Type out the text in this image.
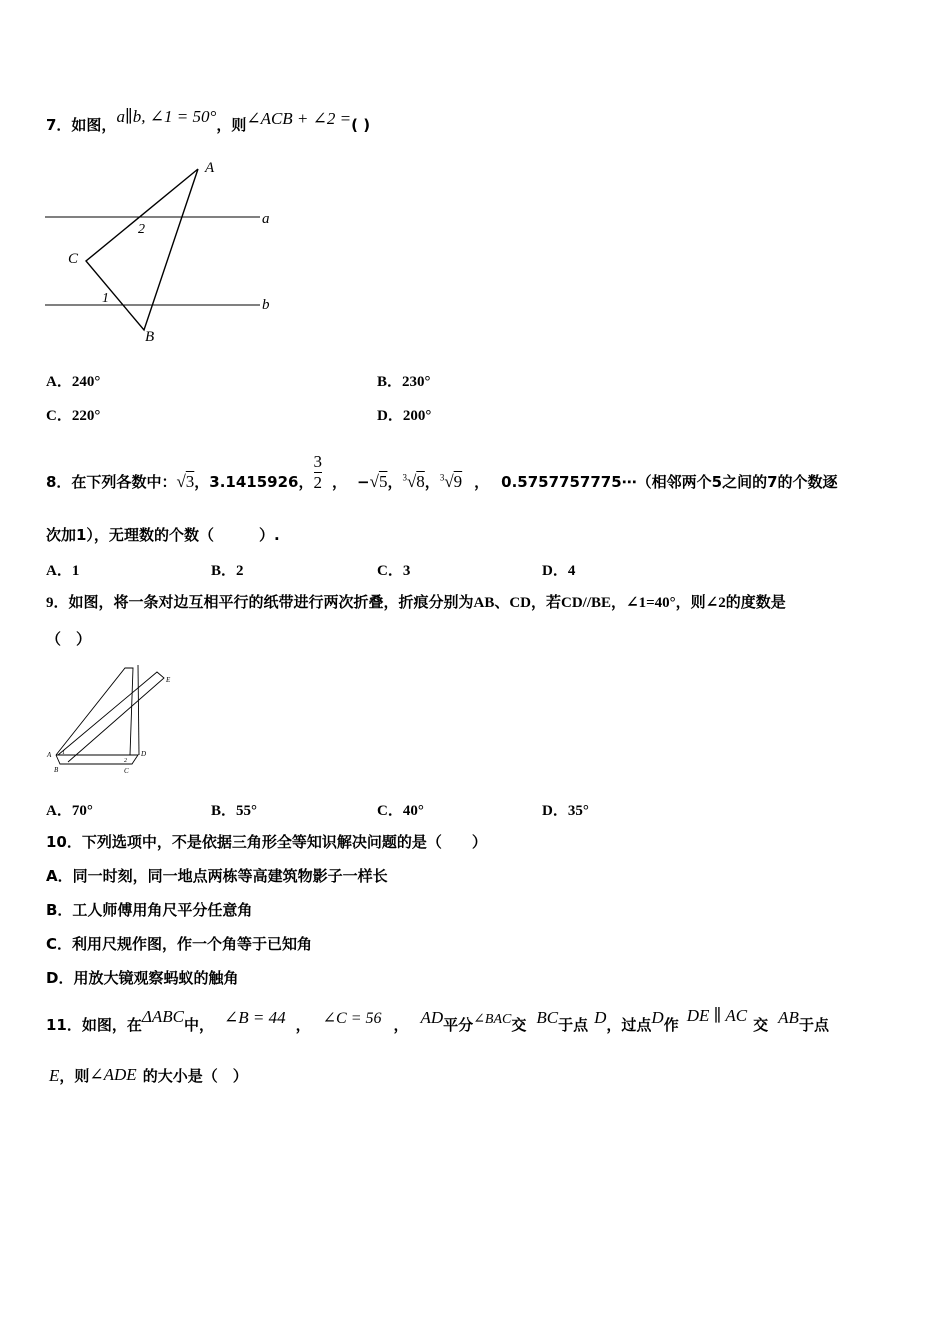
7．如图，a∥b, ∠1 = 50°，则∠ACB + ∠2 =( )
A
B
C
2
1
a
b
A．240°	B．230°
C．220°	D．200°
8．在下列各数中：√3，3.1415926，$\frac{3}{2}$ ， −√5，$^3$√8，$^3$√9 ， 0.5757757775⋯（相邻两个5之间的7的个数逐
次加1），无理数的个数（　　　）.
A．1	B．2	C．3	D．4
9．如图，将一条对边互相平行的纸带进行两次折叠，折痕分别为AB、CD，若CD//BE，∠1=40°，则∠2的度数是
（　）
A
B	C
D
E
1
2
A．70°	B．55°	C．40°	D．35°
10．下列选项中，不是依据三角形全等知识解决问题的是（　　）
A．同一时刻，同一地点两栋等高建筑物影子一样长
B．工人师傅用角尺平分任意角
C．利用尺规作图，作一个角等于已知角
D．用放大镜观察蚂蚁的触角
11．如图，在ΔABC中， ∠B = 44 ， ∠C = 56 ， AD平分∠BAC交 BC于点 D，过点D作 DE ∥ AC 交 AB于点
E，则∠ADE 的大小是（　）
